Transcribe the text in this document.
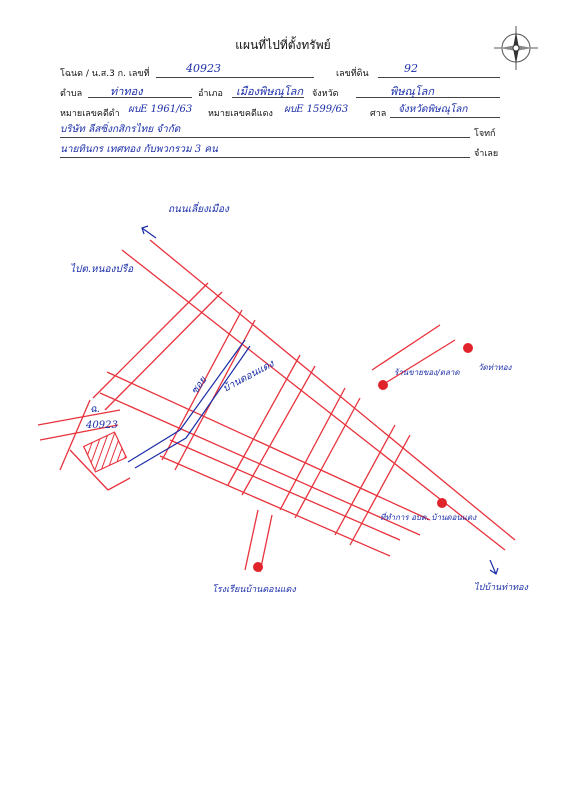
แผนที่ไปที่ตั้งทรัพย์
โฉนด / น.ส.3 ก. เลขที่	40923	เลขที่ดิน	92
ตำบล	ท่าทอง	อำเภอ เมืองพิษณุโลก จังหวัด	พิษณุโลก
หมายเลขคดีดำ ผบE 1961/63 หมายเลขคดีแดง ผบE 1599/63 ศาล จังหวัดพิษณุโลก
บริษัท ลีสซิ่งกสิกรไทย จำกัด	โจทก์
นายทินกร เทศทอง กับพวกรวม 3 คน	จำเลย
ถนนเลี่ยงเมือง
ไปต.หนองปรือ
บ้านดอนแดง
ซอย
ฉ.
40923
ร้านขายของ/ตลาด
วัดท่าทอง
ที่ทำการ อบต. บ้านดอนแดง
โรงเรียนบ้านดอนแดง	ไปบ้านท่าทอง
